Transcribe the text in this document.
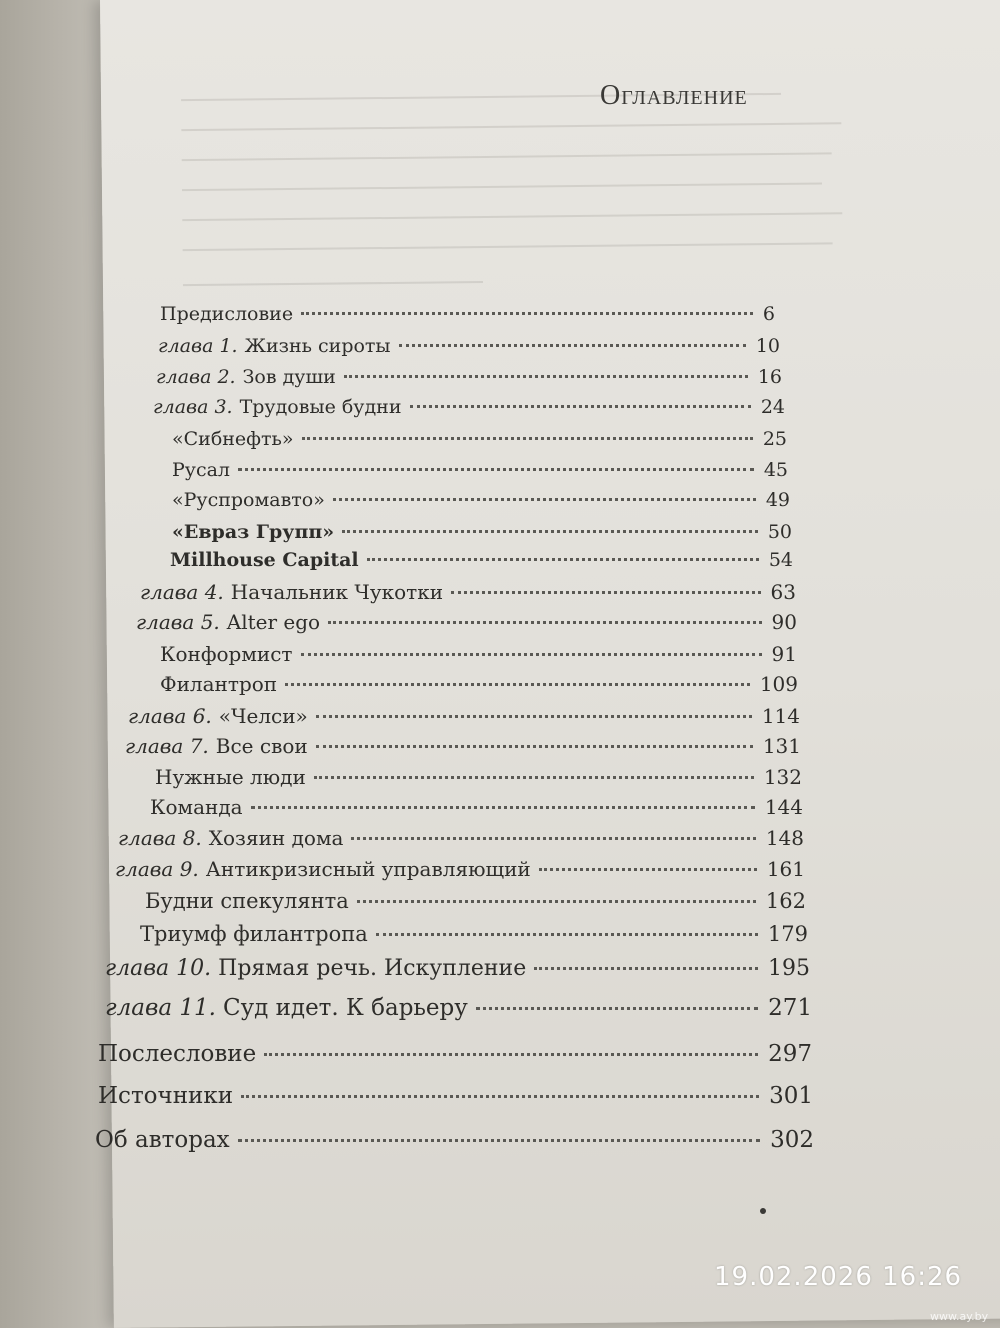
Оглавление
Предисловие	6
глава 1. Жизнь сироты	10
глава 2. Зов души	16
глава 3. Трудовые будни	24
«Сибнефть»	25
Русал	45
«Руспромавто»	49
«Евраз Групп»	50
Millhouse Capital	54
глава 4. Начальник Чукотки	63
глава 5. Alter ego	90
Конформист	91
Филантроп	109
глава 6. «Челси»	114
глава 7. Все свои	131
Нужные люди	132
Команда	144
глава 8. Хозяин дома	148
глава 9. Антикризисный управляющий	161
Будни спекулянта	162
Триумф филантропа	179
глава 10. Прямая речь. Искупление	195
глава 11. Суд идет. К барьеру	271
Послесловие	297
Источники	301
Об авторах	302
19.02.2026 16:26
www.ay.by
